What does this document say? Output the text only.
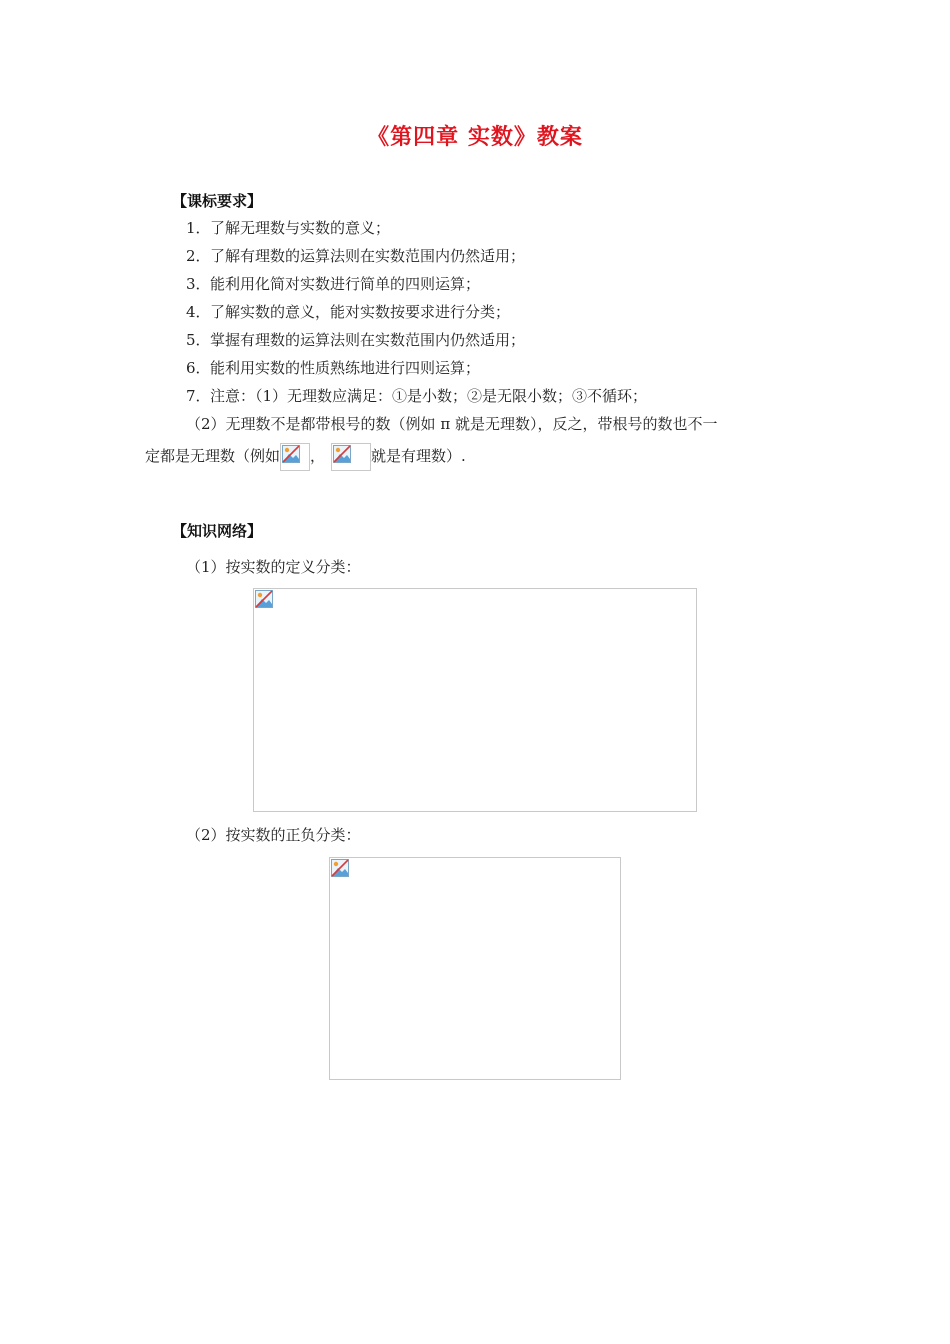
《第四章 实数》教案
【课标要求】
1．了解无理数与实数的意义；
2．了解有理数的运算法则在实数范围内仍然适用；
3．能利用化简对实数进行简单的四则运算；
4．了解实数的意义，能对实数按要求进行分类；
5．掌握有理数的运算法则在实数范围内仍然适用；
6．能利用实数的性质熟练地进行四则运算；
7．注意：（1）无理数应满足：①是小数；②是无限小数；③不循环；
（2）无理数不是都带根号的数（例如 π 就是无理数），反之，带根号的数也不一
定都是无理数（例如 ，	就是有理数）.
【知识网络】
（1）按实数的定义分类：
（2）按实数的正负分类：
